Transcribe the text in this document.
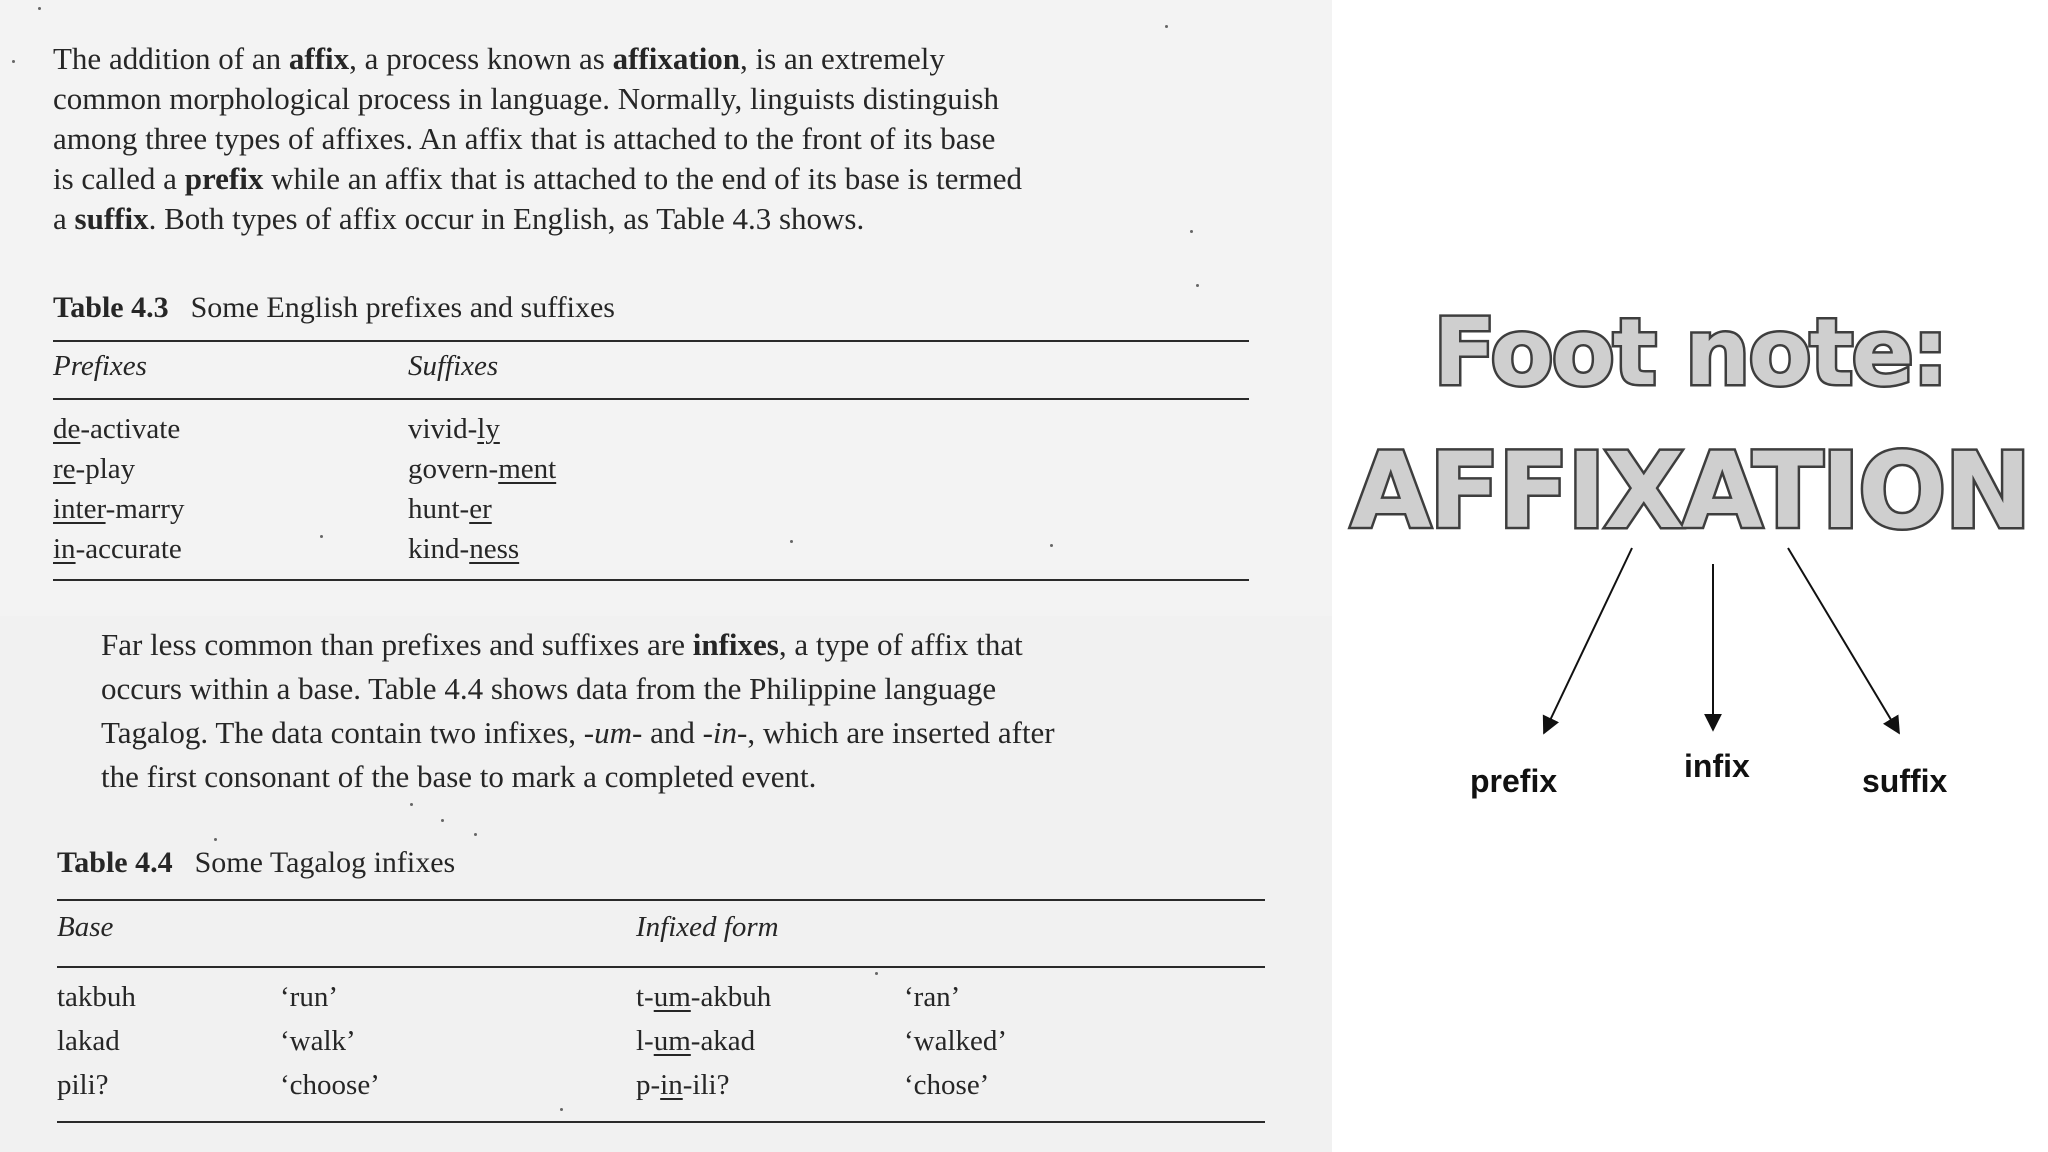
The addition of an affix, a process known as affixation, is an extremely
common morphological process in language. Normally, linguists distinguish
among three types of affixes. An affix that is attached to the front of its base
is called a prefix while an affix that is attached to the end of its base is termed
a suffix. Both types of affix occur in English, as Table 4.3 shows.

Table 4.3 Some English prefixes and suffixes
Prefixes	Suffixes
de-activate	vivid-ly
re-play	govern-ment
inter-marry	hunt-er
in-accurate	kind-ness

Far less common than prefixes and suffixes are infixes, a type of affix that
occurs within a base. Table 4.4 shows data from the Philippine language
Tagalog. The data contain two infixes, -um- and -in-, which are inserted after
the first consonant of the base to mark a completed event.

Table 4.4 Some Tagalog infixes
Base	Infixed form
takbuh	‘run’	t-um-akbuh	‘ran’
lakad	‘walk’	l-um-akad	‘walked’
pili?	‘choose’	p-in-ili?	‘chose’
Foot note:
AFFIXATION
prefix	infix	suffix
